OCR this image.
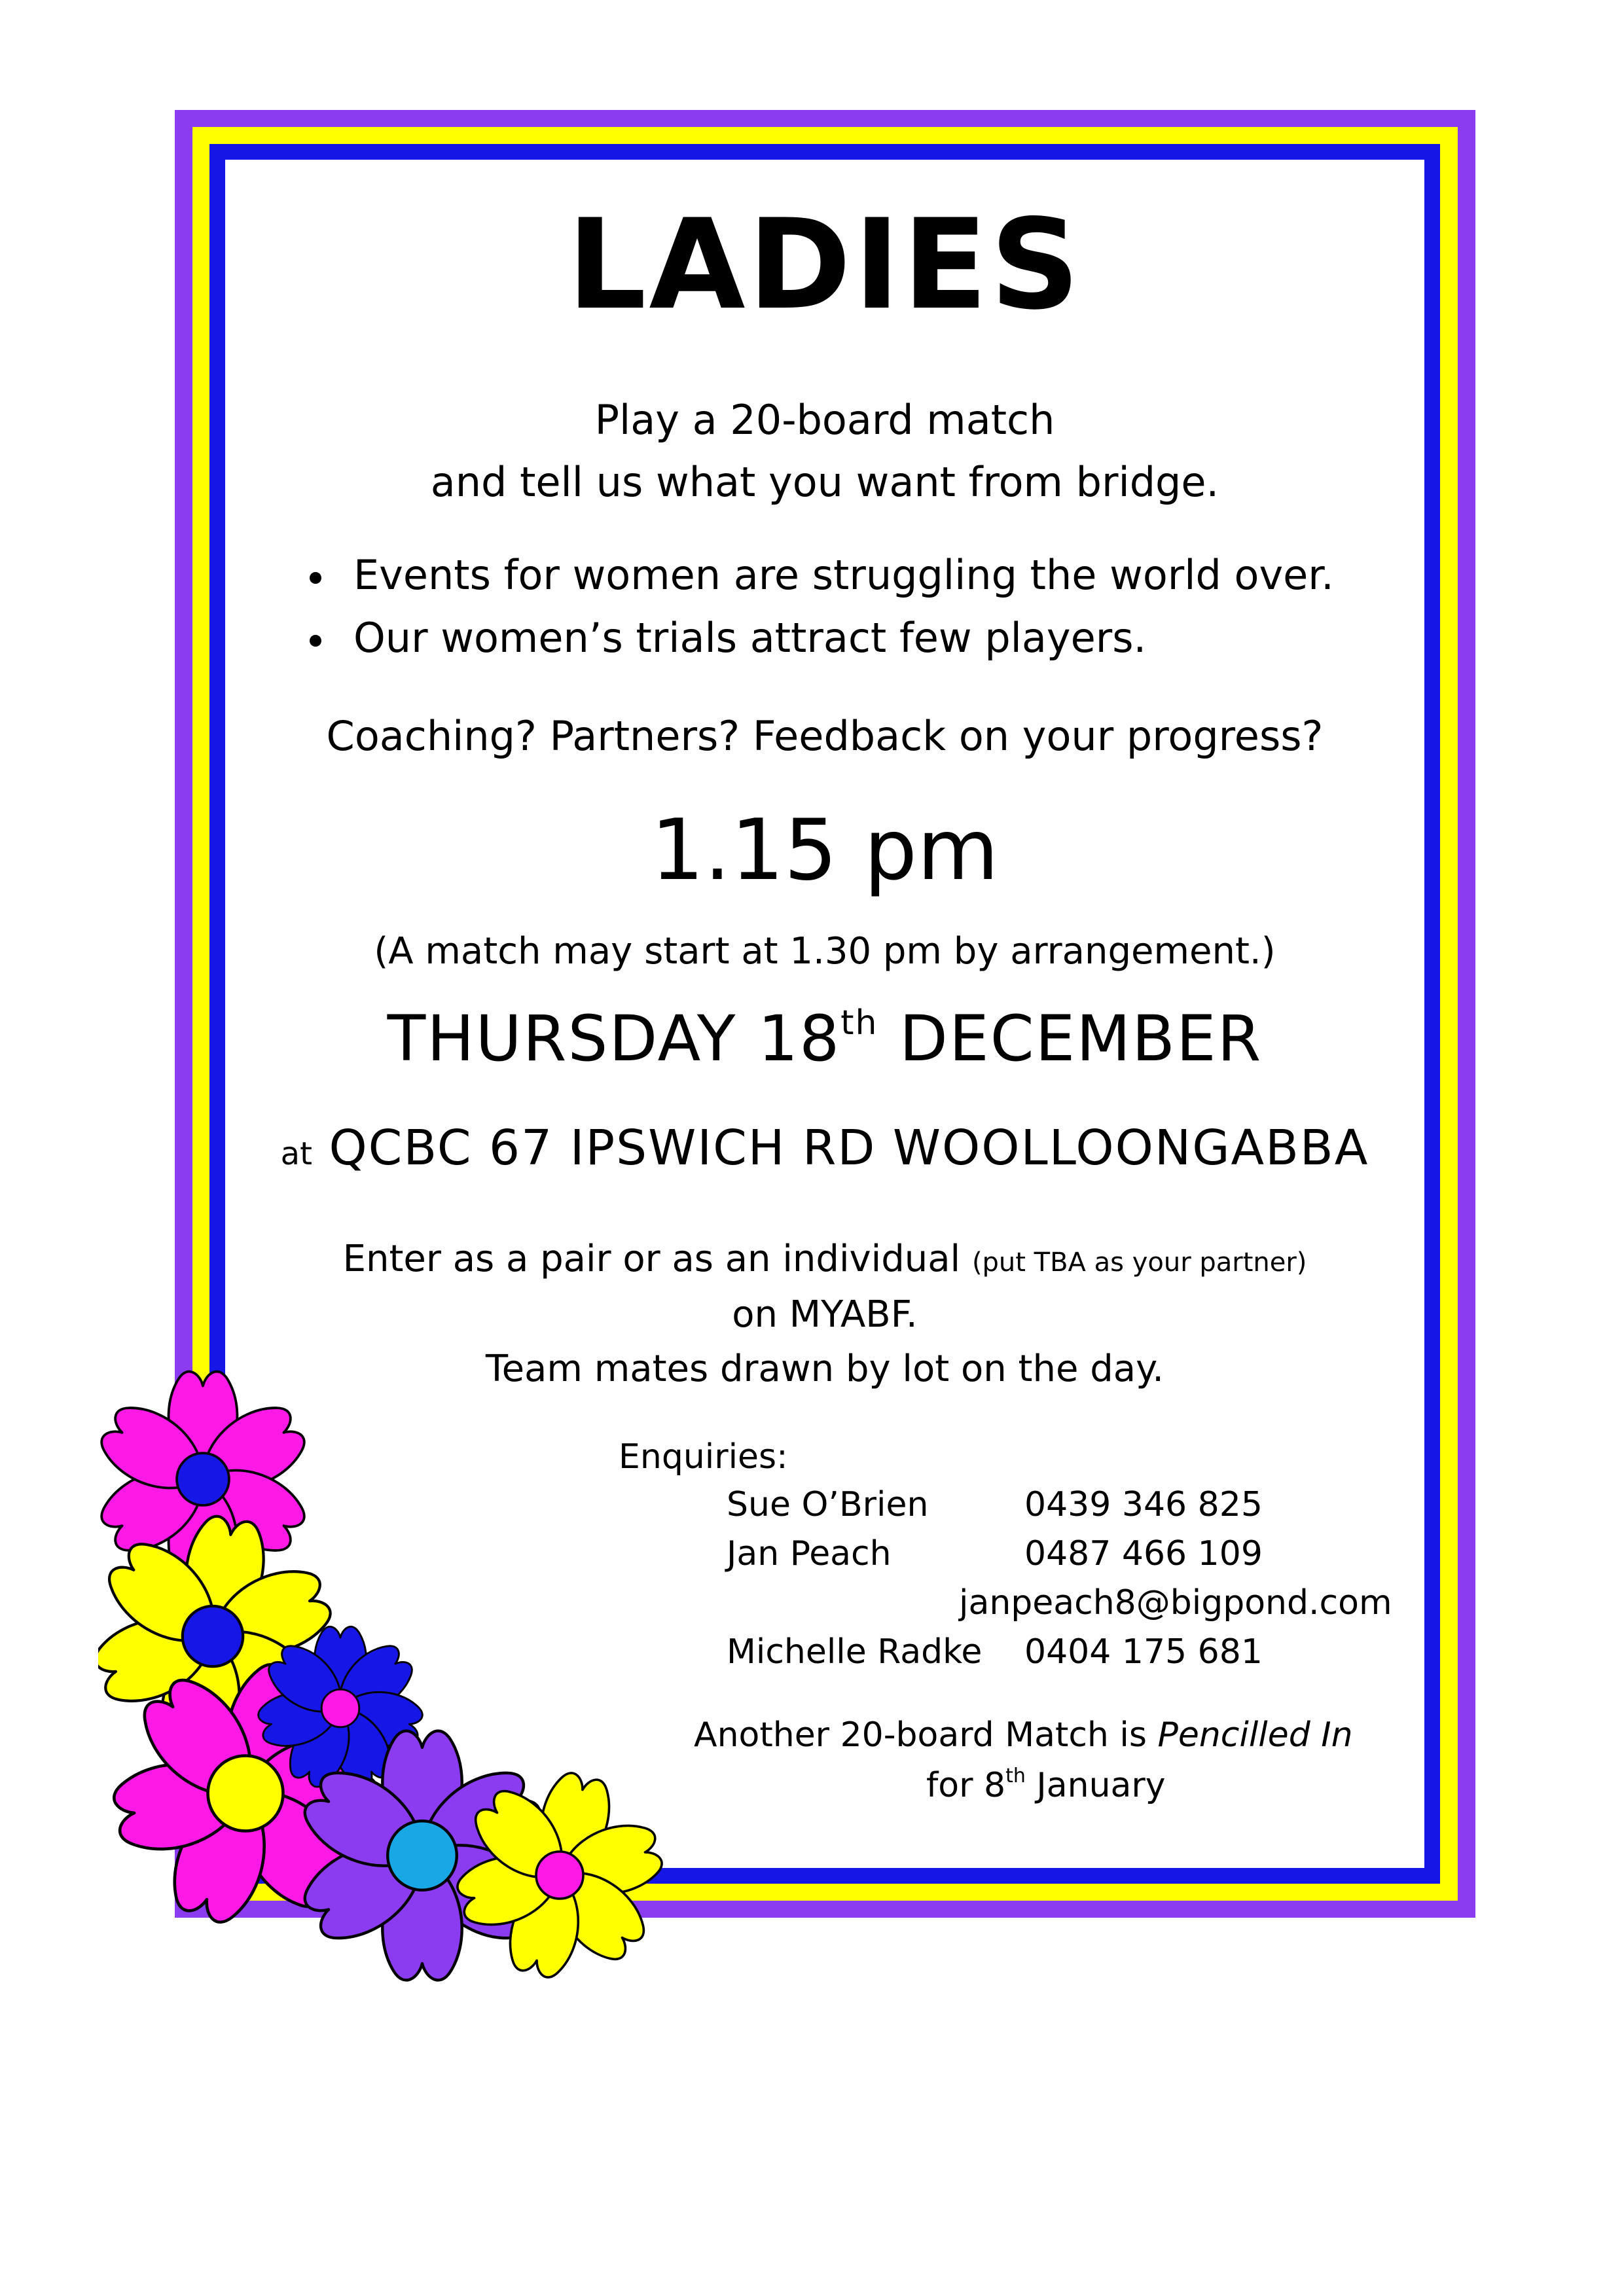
LADIES

Play a 20-board match

and tell us what you want from bridge.

Events for women are struggling the world over.
Our women’s trials attract few players.

Coaching? Partners? Feedback on your progress?

1.15 pm

(A match may start at 1.30 pm by arrangement.)

THURSDAY 18th DECEMBER

at QCBC 67 IPSWICH RD WOOLLOONGABBA

Enter as a pair or as an individual (put TBA as your partner)

on MYABF.

Team mates drawn by lot on the day.

Enquiries:

Sue O’Brien	0439 346 825

Jan Peach	0487 466 109

janpeach8@bigpond.com

Michelle Radke 0404 175 681

Another 20-board Match is Pencilled In

for 8th January
